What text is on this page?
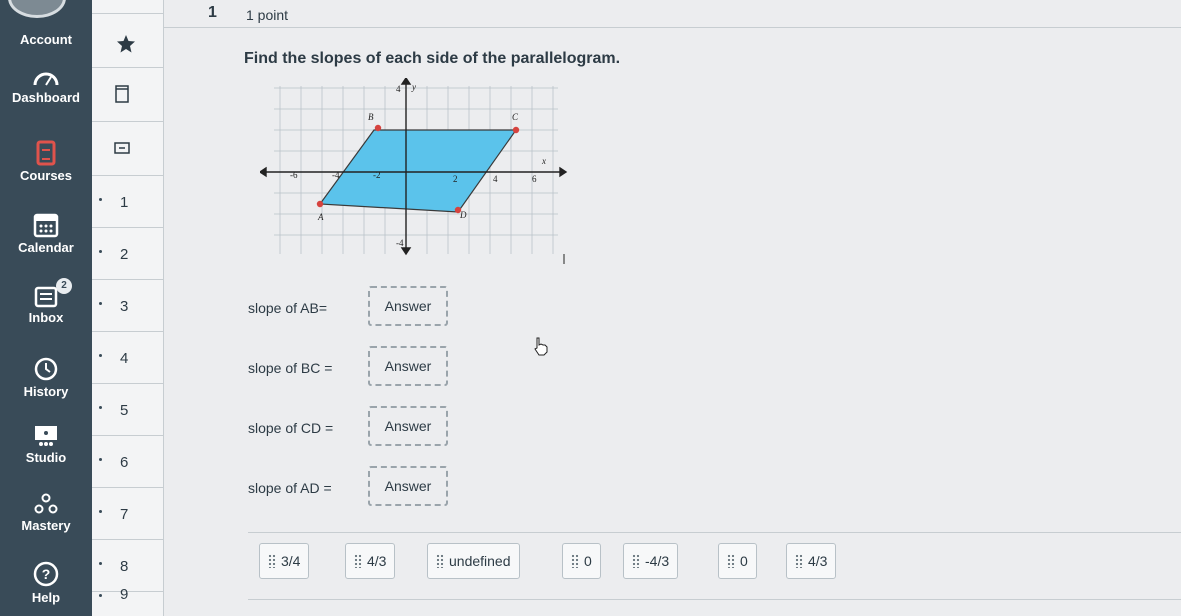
Account
Dashboard
Courses
Calendar
2
Inbox
History
Studio
Mastery
?
Help
1
2
3
4
5
6
7
8
9
1 1 point

Find the slopes of each side of the parallelogram.

y
x
-6	-4	-2	2	4	6
4
-4
B	C
A	D
slope of AB=	Answer
slope of BC =	Answer
slope of CD =	Answer
slope of AD =	Answer
3/4	4/3	undefined	0	-4/3	0	4/3
